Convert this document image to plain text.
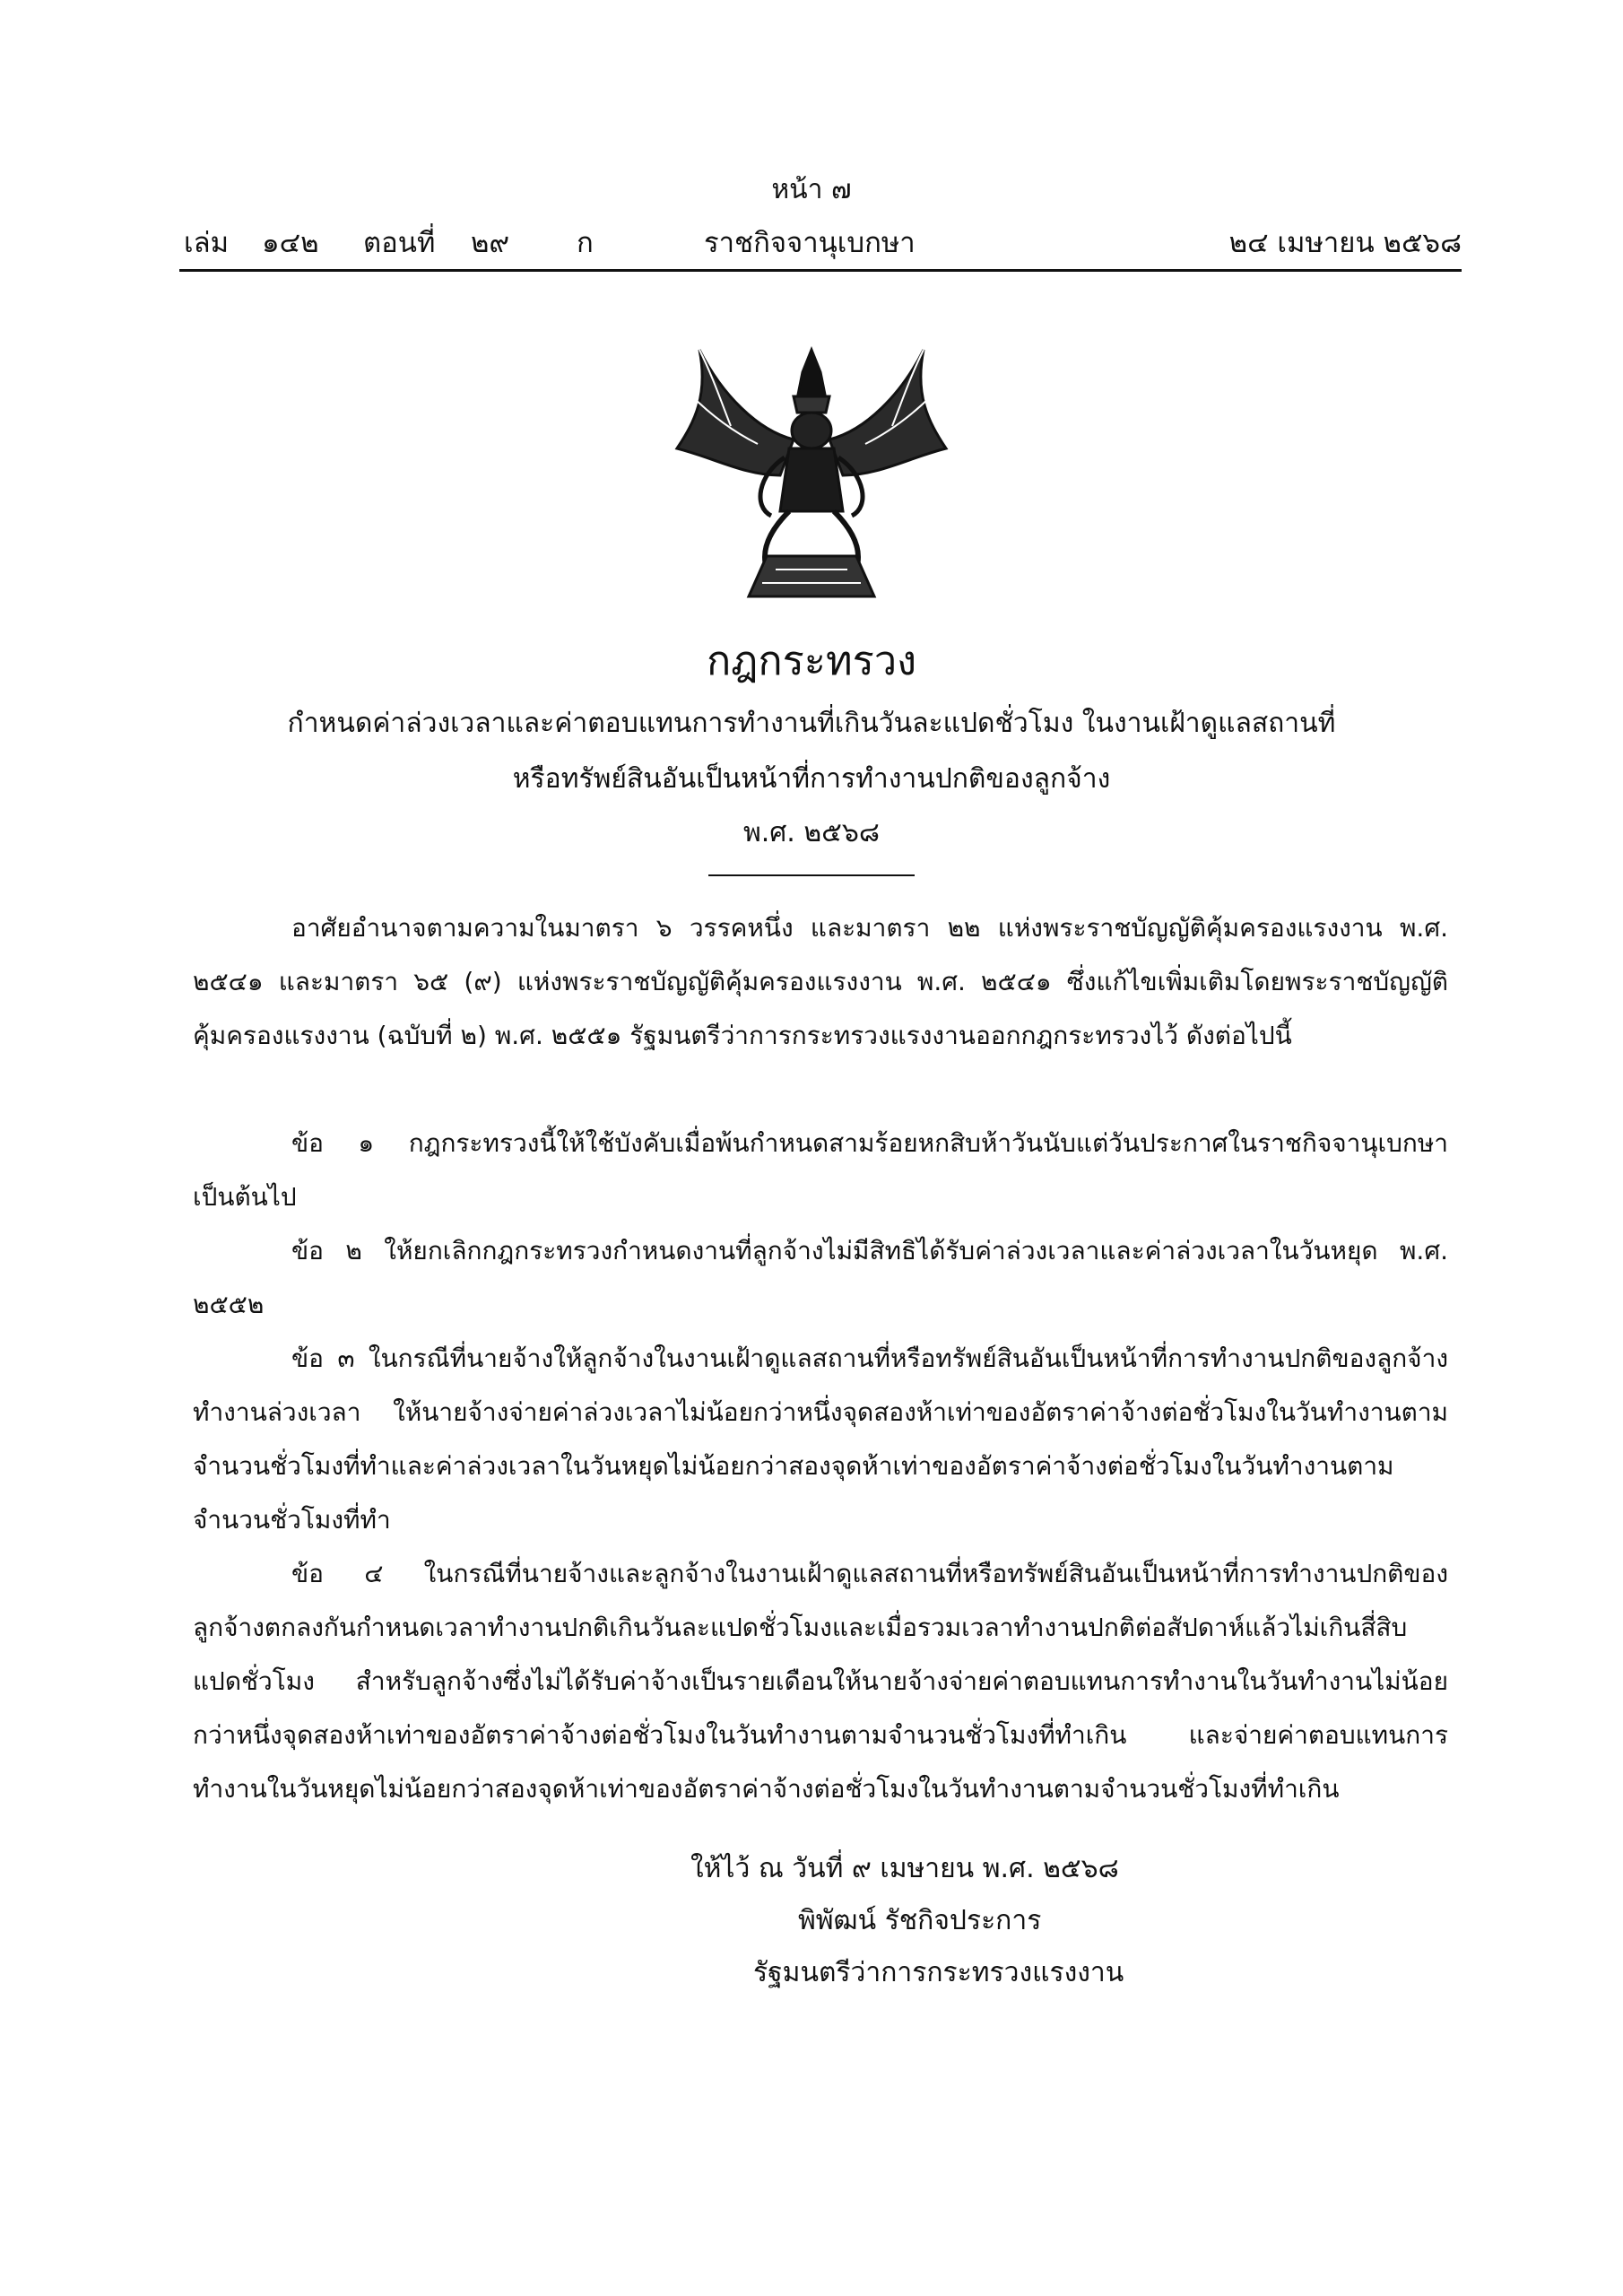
หน้า ๗
เล่ม ๑๔๒ ตอนที่ ๒๙ ก	ราชกิจจานุเบกษา	๒๔ เมษายน ๒๕๖๘
กฎกระทรวง
กำหนดค่าล่วงเวลาและค่าตอบแทนการทำงานที่เกินวันละแปดชั่วโมง ในงานเฝ้าดูแลสถานที่
หรือทรัพย์สินอันเป็นหน้าที่การทำงานปกติของลูกจ้าง
พ.ศ. ๒๕๖๘

อาศัยอำนาจตามความในมาตรา ๖ วรรคหนึ่ง และมาตรา ๒๒ แห่งพระราชบัญญัติคุ้มครองแรงงาน พ.ศ. ๒๕๔๑ และมาตรา ๖๕ (๙) แห่งพระราชบัญญัติคุ้มครองแรงงาน พ.ศ. ๒๕๔๑ ซึ่งแก้ไขเพิ่มเติมโดยพระราชบัญญัติคุ้มครองแรงงาน (ฉบับที่ ๒) พ.ศ. ๒๕๕๑ รัฐมนตรีว่าการกระทรวงแรงงานออกกฎกระทรวงไว้ ดังต่อไปนี้

ข้อ ๑ กฎกระทรวงนี้ให้ใช้บังคับเมื่อพ้นกำหนดสามร้อยหกสิบห้าวันนับแต่วันประกาศในราชกิจจานุเบกษาเป็นต้นไป

ข้อ ๒ ให้ยกเลิกกฎกระทรวงกำหนดงานที่ลูกจ้างไม่มีสิทธิได้รับค่าล่วงเวลาและค่าล่วงเวลาในวันหยุด พ.ศ. ๒๕๕๒

ข้อ ๓ ในกรณีที่นายจ้างให้ลูกจ้างในงานเฝ้าดูแลสถานที่หรือทรัพย์สินอันเป็นหน้าที่การทำงานปกติของลูกจ้างทำงานล่วงเวลา ให้นายจ้างจ่ายค่าล่วงเวลาไม่น้อยกว่าหนึ่งจุดสองห้าเท่าของอัตราค่าจ้างต่อชั่วโมงในวันทำงานตามจำนวนชั่วโมงที่ทำและค่าล่วงเวลาในวันหยุดไม่น้อยกว่าสองจุดห้าเท่าของอัตราค่าจ้างต่อชั่วโมงในวันทำงานตามจำนวนชั่วโมงที่ทำ

ข้อ ๔ ในกรณีที่นายจ้างและลูกจ้างในงานเฝ้าดูแลสถานที่หรือทรัพย์สินอันเป็นหน้าที่การทำงานปกติของลูกจ้างตกลงกันกำหนดเวลาทำงานปกติเกินวันละแปดชั่วโมงและเมื่อรวมเวลาทำงานปกติต่อสัปดาห์แล้วไม่เกินสี่สิบแปดชั่วโมง สำหรับลูกจ้างซึ่งไม่ได้รับค่าจ้างเป็นรายเดือนให้นายจ้างจ่ายค่าตอบแทนการทำงานในวันทำงานไม่น้อยกว่าหนึ่งจุดสองห้าเท่าของอัตราค่าจ้างต่อชั่วโมงในวันทำงานตามจำนวนชั่วโมงที่ทำเกิน และจ่ายค่าตอบแทนการทำงานในวันหยุดไม่น้อยกว่าสองจุดห้าเท่าของอัตราค่าจ้างต่อชั่วโมงในวันทำงานตามจำนวนชั่วโมงที่ทำเกิน

ให้ไว้ ณ วันที่ ๙ เมษายน พ.ศ. ๒๕๖๘
พิพัฒน์ รัชกิจประการ
รัฐมนตรีว่าการกระทรวงแรงงาน
